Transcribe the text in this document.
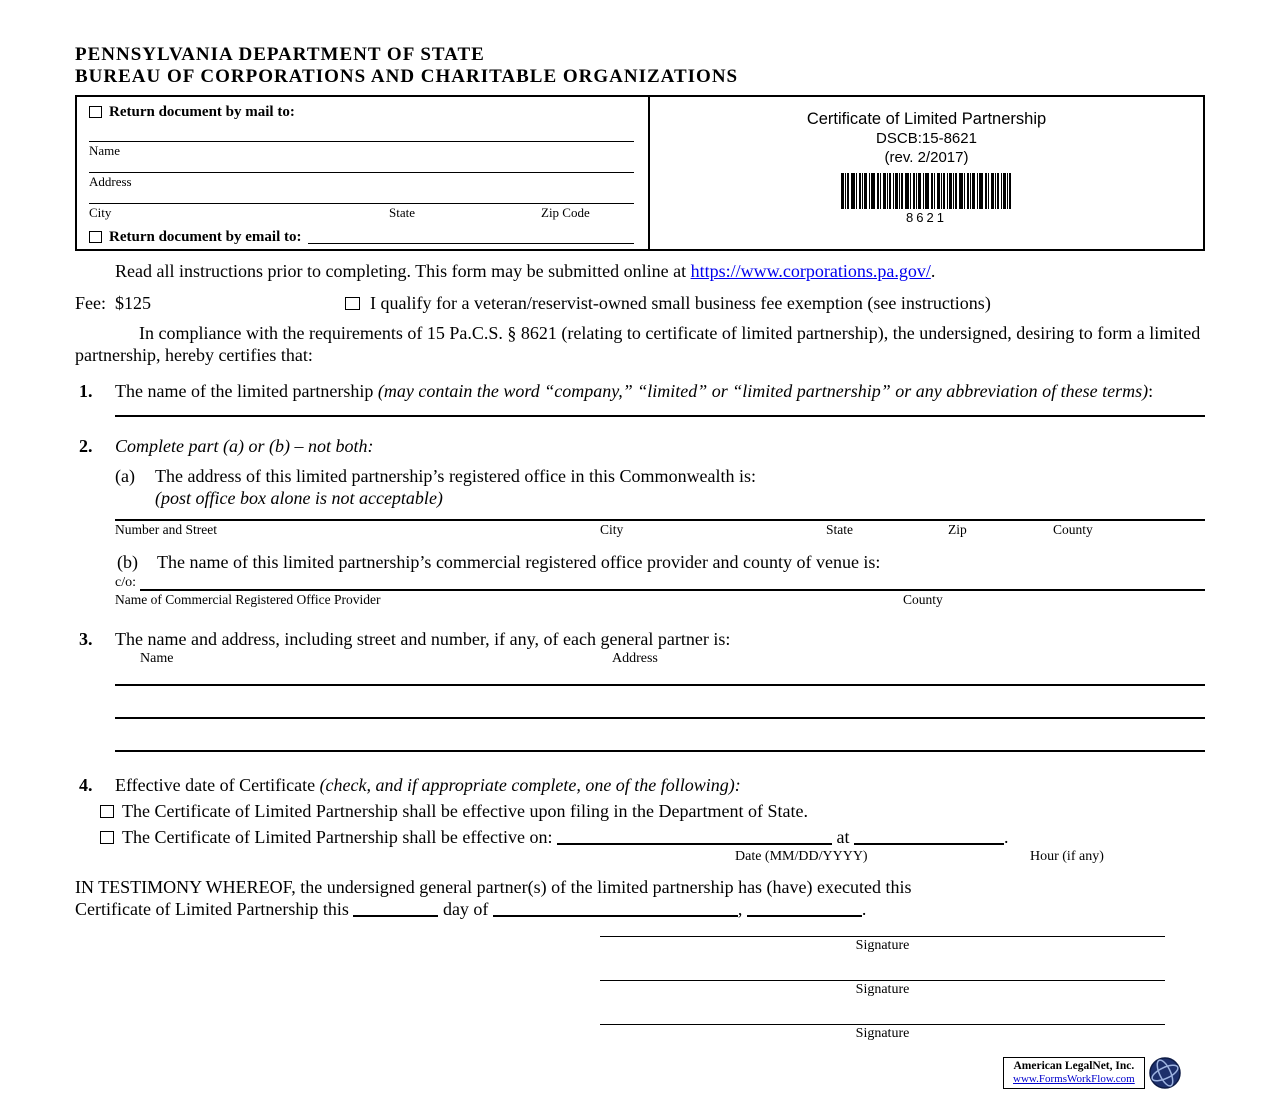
PENNSYLVANIA DEPARTMENT OF STATE
BUREAU OF CORPORATIONS AND CHARITABLE ORGANIZATIONS
Return document by mail to:
Name
Address
City	State	Zip Code
Return document by email to:
Certificate of Limited Partnership
DSCB:15-8621
(rev. 2/2017)
8621
Read all instructions prior to completing. This form may be submitted online at https://www.corporations.pa.gov/.
Fee:  $125	I qualify for a veteran/reservist-owned small business fee exemption (see instructions)

In compliance with the requirements of 15 Pa.C.S. § 8621 (relating to certificate of limited partnership), the undersigned, desiring to form a limited partnership, hereby certifies that:

1. The name of the limited partnership (may contain the word “company,” “limited” or “limited partnership” or any abbreviation of these terms):
2. Complete part (a) or (b) – not both:
(a) The address of this limited partnership’s registered office in this Commonwealth is:
(post office box alone is not acceptable)
Number and Street	City	State	Zip	County
(b) The name of this limited partnership’s commercial registered office provider and county of venue is:
c/o:
Name of Commercial Registered Office Provider	County
3. The name and address, including street and number, if any, of each general partner is:
Name	Address
4. Effective date of Certificate (check, and if appropriate complete, one of the following):
The Certificate of Limited Partnership shall be effective upon filing in the Department of State.
The Certificate of Limited Partnership shall be effective on:	at	.
Date (MM/DD/YYYY)	Hour (if any)
IN TESTIMONY WHEREOF, the undersigned general partner(s) of the limited partnership has (have) executed this
Certificate of Limited Partnership this	day of	,	.
Signature
Signature
Signature
American LegalNet, Inc.
www.FormsWorkFlow.com
